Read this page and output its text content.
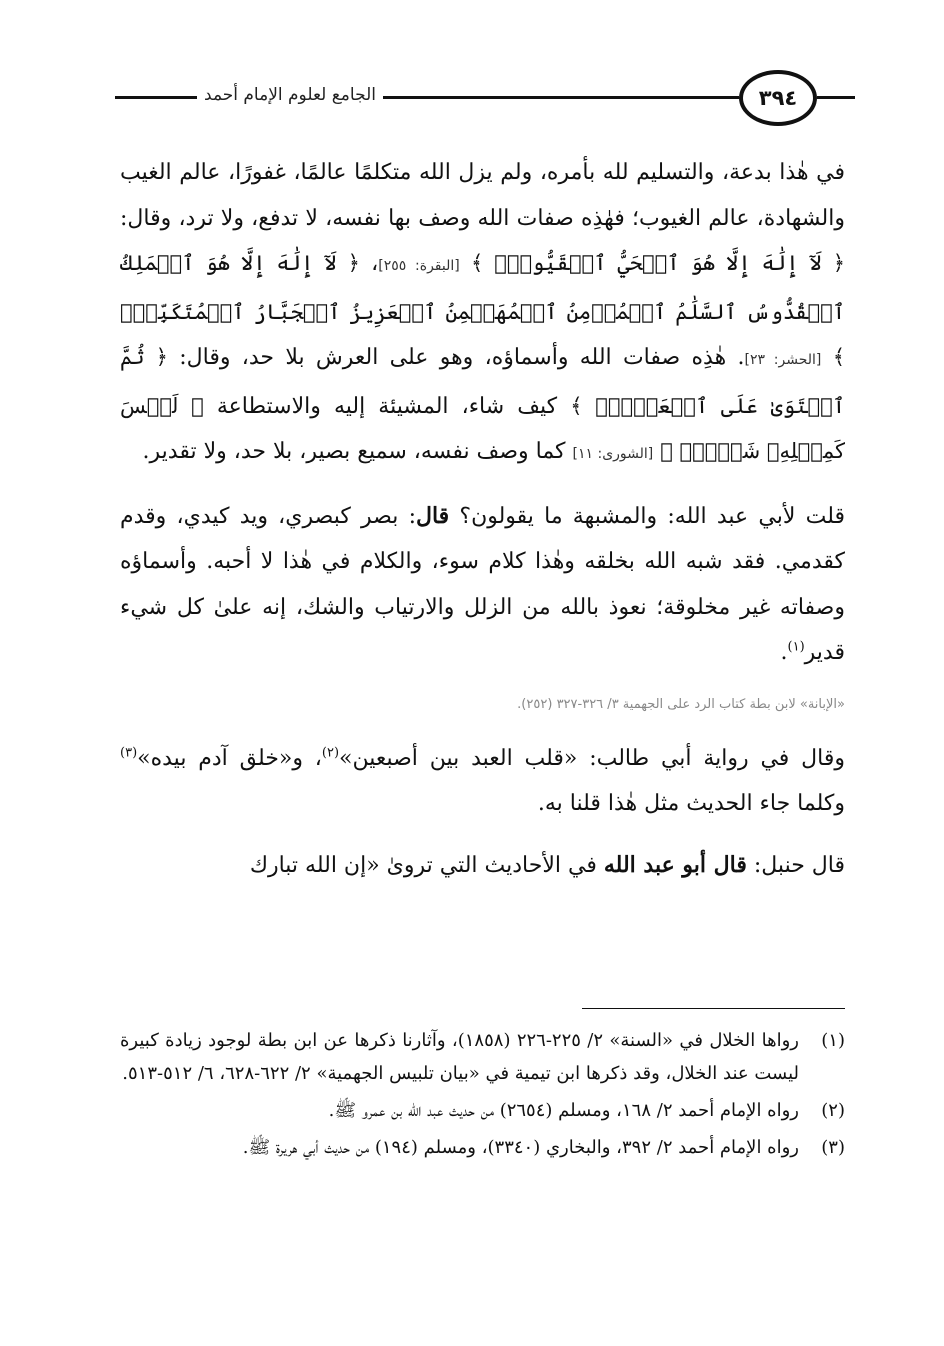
الجامع لعلوم الإمام أحمد	٣٩٤

في هٰذا بدعة، والتسليم لله بأمره، ولم يزل الله متكلمًا عالمًا، غفورًا، عالم الغيب والشهادة، عالم الغيوب؛ فهٰذِه صفات الله وصف بها نفسه، لا تدفع، ولا ترد، وقال: ﴿ لَآ إِلَٰهَ إِلَّا هُوَ ٱلۡحَيُّ ٱلۡقَيُّومُۚ ﴾ [البقرة: ٢٥٥]، ﴿ لَآ إِلَٰهَ إِلَّا هُوَ ٱلۡمَلِكُ ٱلۡقُدُّوسُ ٱلسَّلَٰمُ ٱلۡمُؤۡمِنُ ٱلۡمُهَيۡمِنُ ٱلۡعَزِيزُ ٱلۡجَبَّارُ ٱلۡمُتَكَبِّرُۚ ﴾ [الحشر: ٢٣]. هٰذِه صفات الله وأسماؤه، وهو على العرش بلا حد، وقال: ﴿ ثُمَّ ٱسۡتَوَىٰ عَلَى ٱلۡعَرۡشِۖ ﴾ كيف شاء، المشيئة إليه والاستطاعة ﴿ لَيۡسَ كَمِثۡلِهِۦ شَيۡءٌۖ ﴾ [الشورى: ١١] كما وصف نفسه، سميع بصير، بلا حد، ولا تقدير.

قلت لأبي عبد الله: والمشبهة ما يقولون؟ قال: بصر كبصري، ويد كيدي، وقدم كقدمي. فقد شبه الله بخلقه وهٰذا كلام سوء، والكلام في هٰذا لا أحبه. وأسماؤه وصفاته غير مخلوقة؛ نعوذ بالله من الزلل والارتياب والشك، إنه علىٰ كل شيء قدير$^{(١)}$.

«الإبانة» لابن بطة كتاب الرد على الجهمية ٣/ ٣٢٦-٣٢٧ (٢٥٢).

وقال في رواية أبي طالب: «قلب العبد بين أصبعين»$^{(٢)}$، و«خلق آدم بيده»$^{(٣)}$ وكلما جاء الحديث مثل هٰذا قلنا به.

قال حنبل: قال أبو عبد الله في الأحاديث التي ترویٰ «إن الله تبارك

(١)
رواها الخلال في «السنة» ٢/ ٢٢٥-٢٢٦ (١٨٥٨)، وآثارنا ذكرها عن ابن بطة لوجود زيادة كبيرة ليست عند الخلال، وقد ذكرها ابن تيمية في «بيان تلبيس الجهمية» ٢/ ٦٢٢-٦٢٨، ٦/ ٥١٢-٥١٣.
(٢)
رواه الإمام أحمد ٢/ ١٦٨، ومسلم (٢٦٥٤) من حديث عبد الله بن عمرو ﷺ.
(٣)
رواه الإمام أحمد ٢/ ٣٩٢، والبخاري (٣٣٤٠)، ومسلم (١٩٤) من حديث أبي هريرة ﷺ.
